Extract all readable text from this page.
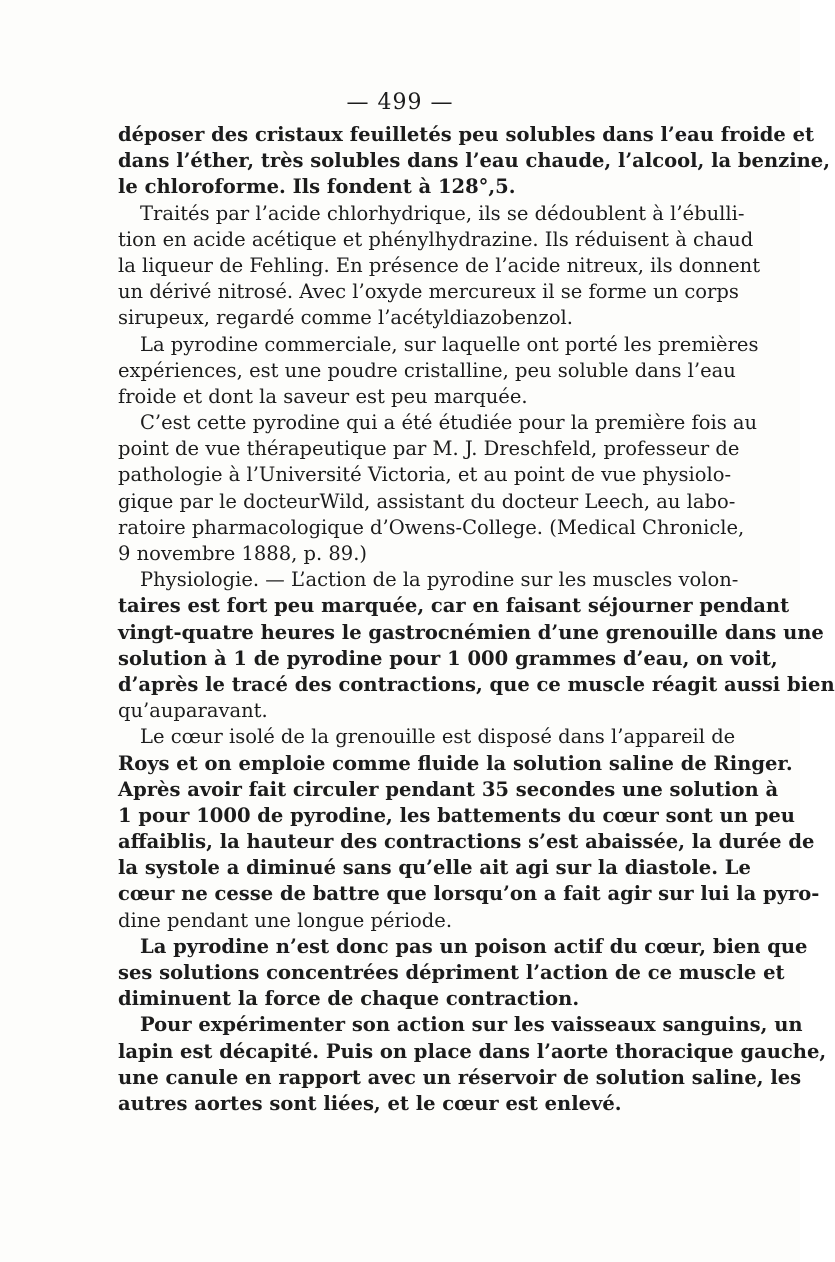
— 499 —
déposer des cristaux feuilletés peu solubles dans l’eau froide et
dans l’éther, très solubles dans l’eau chaude, l’alcool, la benzine,
le chloroforme. Ils fondent à 128°,5.
Traités par l’acide chlorhydrique, ils se dédoublent à l’ébulli-
tion en acide acétique et phénylhydrazine. Ils réduisent à chaud
la liqueur de Fehling. En présence de l’acide nitreux, ils donnent
un dérivé nitrosé. Avec l’oxyde mercureux il se forme un corps
sirupeux, regardé comme l’acétyldiazobenzol.
La pyrodine commerciale, sur laquelle ont porté les premières
expériences, est une poudre cristalline, peu soluble dans l’eau
froide et dont la saveur est peu marquée.
C’est cette pyrodine qui a été étudiée pour la première fois au
point de vue thérapeutique par M. J. Dreschfeld, professeur de
pathologie à l’Université Victoria, et au point de vue physiolo-
gique par le docteurWild, assistant du docteur Leech, au labo-
ratoire pharmacologique d’Owens-College. (Medical Chronicle,
9 novembre 1888, p. 89.)
Physiologie. — L’action de la pyrodine sur les muscles volon-
taires est fort peu marquée, car en faisant séjourner pendant
vingt-quatre heures le gastrocnémien d’une grenouille dans une
solution à 1 de pyrodine pour 1 000 grammes d’eau, on voit,
d’après le tracé des contractions, que ce muscle réagit aussi bien
qu’auparavant.
Le cœur isolé de la grenouille est disposé dans l’appareil de
Roys et on emploie comme fluide la solution saline de Ringer.
Après avoir fait circuler pendant 35 secondes une solution à
1 pour 1000 de pyrodine, les battements du cœur sont un peu
affaiblis, la hauteur des contractions s’est abaissée, la durée de
la systole a diminué sans qu’elle ait agi sur la diastole. Le
cœur ne cesse de battre que lorsqu’on a fait agir sur lui la pyro-
dine pendant une longue période.
La pyrodine n’est donc pas un poison actif du cœur, bien que
ses solutions concentrées dépriment l’action de ce muscle et
diminuent la force de chaque contraction.
Pour expérimenter son action sur les vaisseaux sanguins, un
lapin est décapité. Puis on place dans l’aorte thoracique gauche,
une canule en rapport avec un réservoir de solution saline, les
autres aortes sont liées, et le cœur est enlevé.
